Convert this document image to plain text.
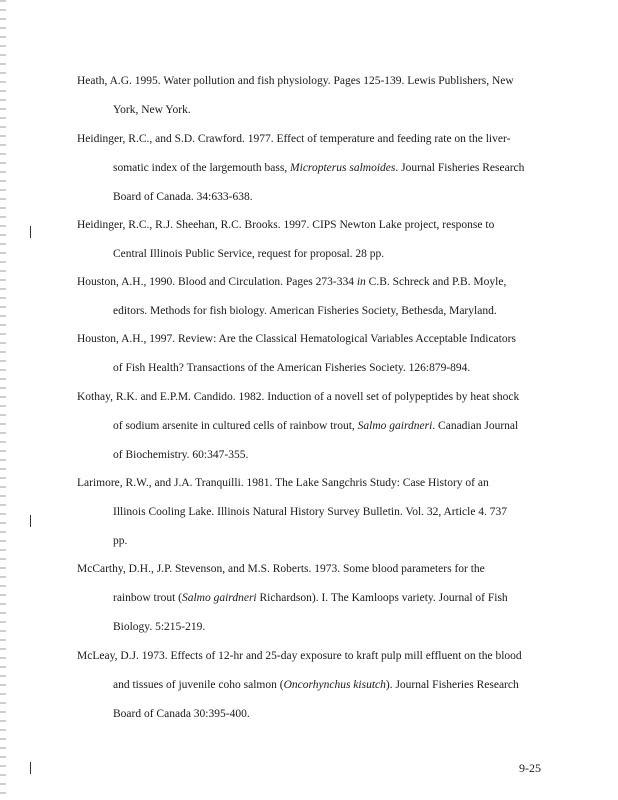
Heath, A.G. 1995. Water pollution and fish physiology. Pages 125-139. Lewis Publishers, New
York, New York.
Heidinger, R.C., and S.D. Crawford. 1977. Effect of temperature and feeding rate on the liver-
somatic index of the largemouth bass, Micropterus salmoides. Journal Fisheries Research
Board of Canada. 34:633-638.
Heidinger, R.C., R.J. Sheehan, R.C. Brooks. 1997. CIPS Newton Lake project, response to
Central Illinois Public Service, request for proposal. 28 pp.
Houston, A.H., 1990. Blood and Circulation. Pages 273-334 in C.B. Schreck and P.B. Moyle,
editors. Methods for fish biology. American Fisheries Society, Bethesda, Maryland.
Houston, A.H., 1997. Review: Are the Classical Hematological Variables Acceptable Indicators
of Fish Health? Transactions of the American Fisheries Society. 126:879-894.
Kothay, R.K. and E.P.M. Candido. 1982. Induction of a novell set of polypeptides by heat shock
of sodium arsenite in cultured cells of rainbow trout, Salmo gairdneri. Canadian Journal
of Biochemistry. 60:347-355.
Larimore, R.W., and J.A. Tranquilli. 1981. The Lake Sangchris Study: Case History of an
Illinois Cooling Lake. Illinois Natural History Survey Bulletin. Vol. 32, Article 4. 737
pp.
McCarthy, D.H., J.P. Stevenson, and M.S. Roberts. 1973. Some blood parameters for the
rainbow trout (Salmo gairdneri Richardson). I. The Kamloops variety. Journal of Fish
Biology. 5:215-219.
McLeay, D.J. 1973. Effects of 12-hr and 25-day exposure to kraft pulp mill effluent on the blood
and tissues of juvenile coho salmon (Oncorhynchus kisutch). Journal Fisheries Research
Board of Canada 30:395-400.
9-25
